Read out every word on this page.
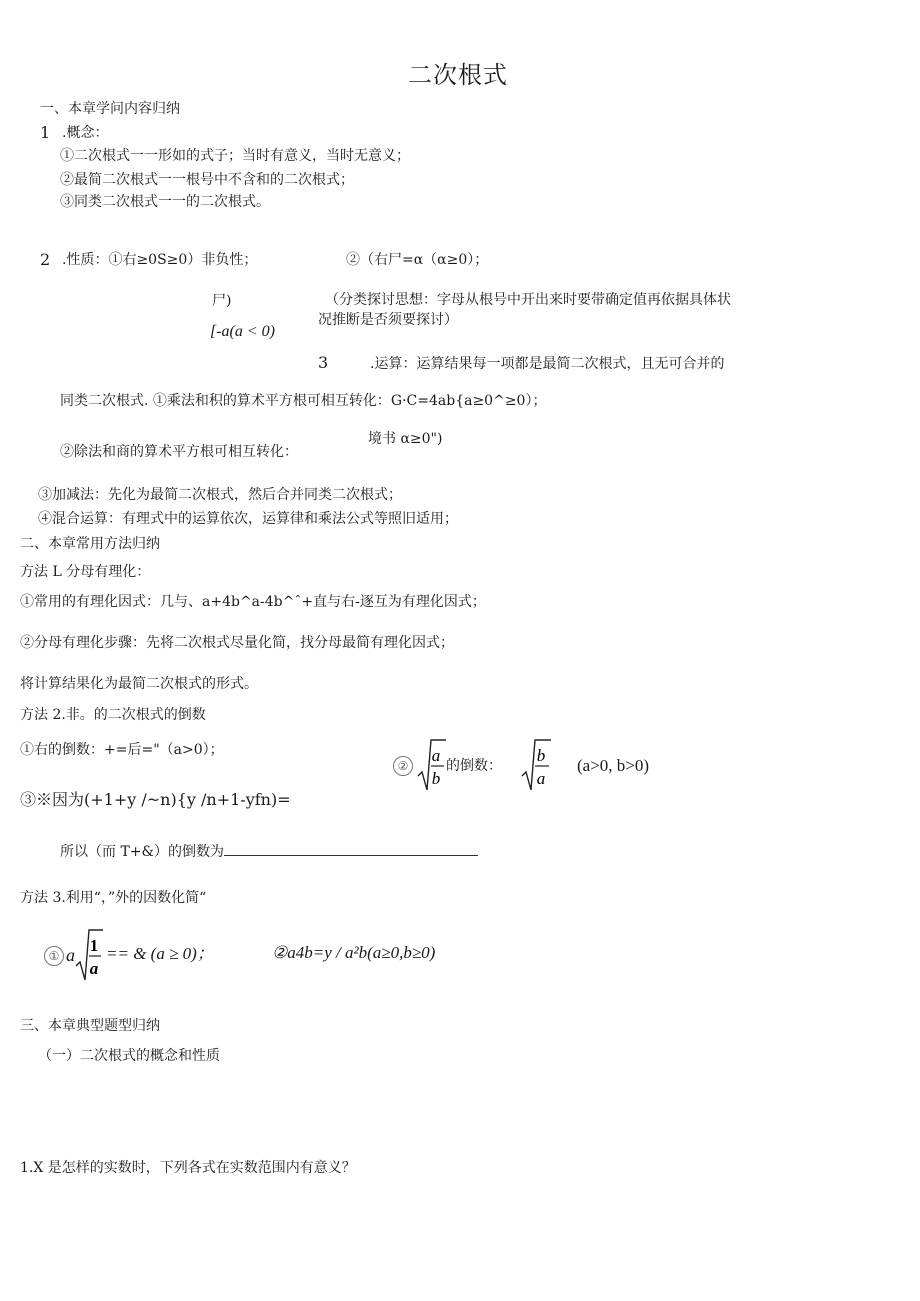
二次根式
一、本章学问内容归纳
1 .概念：
①二次根式一一形如的式子；当时有意义，当时无意义；
②最简二次根式一一根号中不含和的二次根式；
③同类二次根式一一的二次根式。
2 .性质：①右≥0S≥0）非负性；	②（右尸=α（α≥0）；
尸)	（分类探讨思想：字母从根号中开出来时要带确定值再依据具体状
况推断是否须要探讨）
[-a(a < 0)
3	.运算：运算结果每一项都是最简二次根式，且无可合并的
同类二次根式. ①乘法和积的算术平方根可相互转化：G·C=4ab{a≥0^≥0）；
境书 α≥0")
②除法和商的算术平方根可相互转化：
③加减法：先化为最简二次根式，然后合并同类二次根式；
④混合运算：有理式中的运算依次，运算律和乘法公式等照旧适用；
二、本章常用方法归纳
方法 L 分母有理化：
①常用的有理化因式：几与、a+4b^a-4b^ˆ+直与右-逐互为有理化因式；
②分母有理化步骤：先将二次根式尽量化简，找分母最简有理化因式；
将计算结果化为最简二次根式的形式。
方法 2.非。的二次根式的倒数
①右的倒数：+=后="（a>0）；
②
a
b
的倒数：
b
a
(a>0, b>0)
③※因为(+1+y /~n){y /n+1-yfn)=
所以（而 T+&）的倒数为
方法 3.利用“，”外的因数化简“
① a 1
a
== & (a ≥ 0)；	②a4b=y / a²b(a≥0,b≥0)
三、本章典型题型归纳
（一）二次根式的概念和性质
1.X 是怎样的实数时，下列各式在实数范围内有意义？
